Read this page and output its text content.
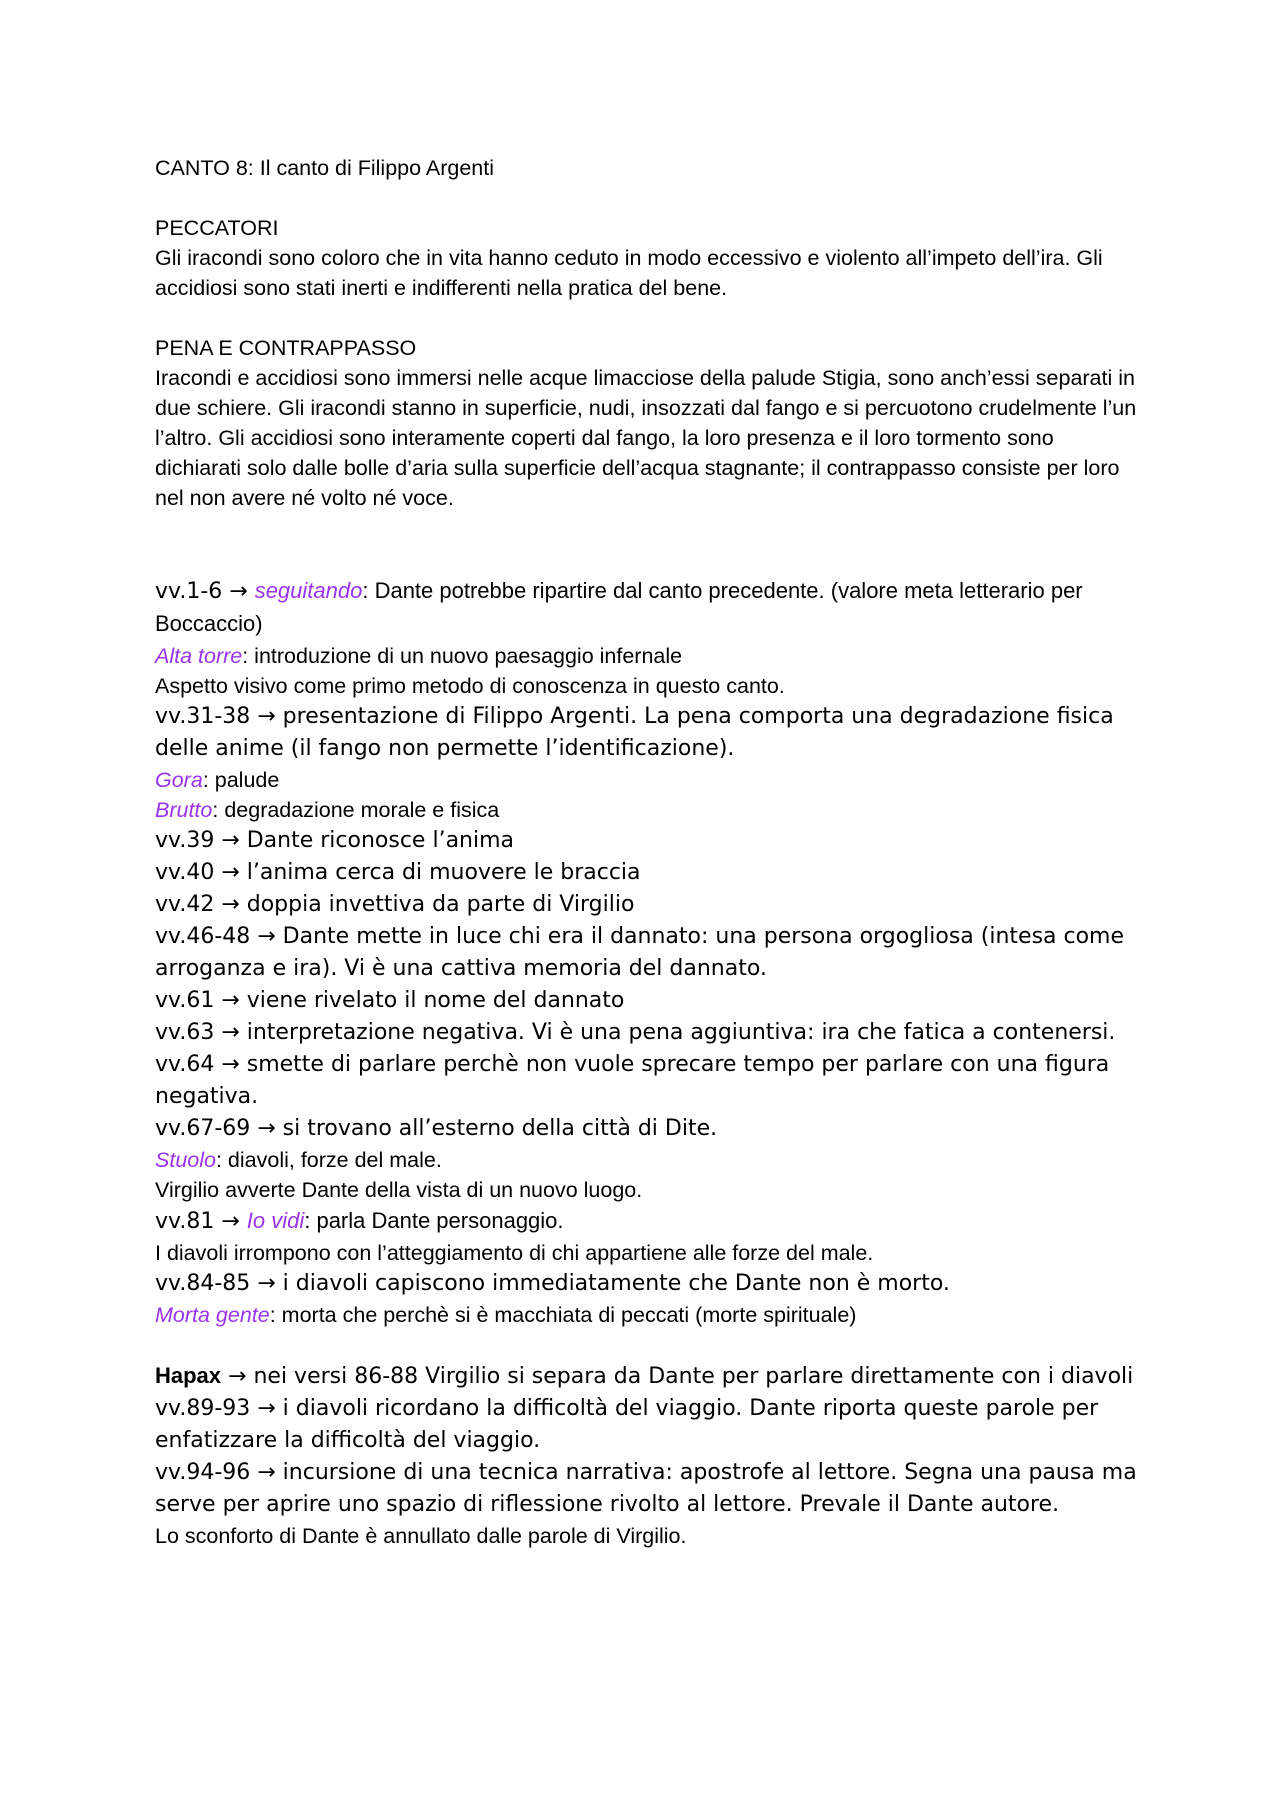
CANTO 8: Il canto di Filippo Argenti

PECCATORI

Gli iracondi sono coloro che in vita hanno ceduto in modo eccessivo e violento all’impeto dell’ira. Gli accidiosi sono stati inerti e indifferenti nella pratica del bene.

PENA E CONTRAPPASSO

Iracondi e accidiosi sono immersi nelle acque limacciose della palude Stigia, sono anch’essi separati in due schiere. Gli iracondi stanno in superficie, nudi, insozzati dal fango e si percuotono crudelmente l’un l’altro. Gli accidiosi sono interamente coperti dal fango, la loro presenza e il loro tormento sono dichiarati solo dalle bolle d’aria sulla superficie dell’acqua stagnante; il contrappasso consiste per loro nel non avere né volto né voce.

vv.1-6 → seguitando: Dante potrebbe ripartire dal canto precedente. (valore meta letterario per Boccaccio)

Alta torre: introduzione di un nuovo paesaggio infernale

Aspetto visivo come primo metodo di conoscenza in questo canto.

vv.31-38 → presentazione di Filippo Argenti. La pena comporta una degradazione fisica delle anime (il fango non permette l’identificazione).

Gora: palude

Brutto: degradazione morale e fisica

vv.39 → Dante riconosce l’anima

vv.40 → l’anima cerca di muovere le braccia

vv.42 → doppia invettiva da parte di Virgilio

vv.46-48 → Dante mette in luce chi era il dannato: una persona orgogliosa (intesa come arroganza e ira). Vi è una cattiva memoria del dannato.

vv.61 → viene rivelato il nome del dannato

vv.63 → interpretazione negativa. Vi è una pena aggiuntiva: ira che fatica a contenersi.

vv.64 → smette di parlare perchè non vuole sprecare tempo per parlare con una figura negativa.

vv.67-69 → si trovano all’esterno della città di Dite.

Stuolo: diavoli, forze del male.

Virgilio avverte Dante della vista di un nuovo luogo.

vv.81 → Io vidi: parla Dante personaggio.

I diavoli irrompono con l’atteggiamento di chi appartiene alle forze del male.

vv.84-85 → i diavoli capiscono immediatamente che Dante non è morto.

Morta gente: morta che perchè si è macchiata di peccati (morte spirituale)

Hapax → nei versi 86-88 Virgilio si separa da Dante per parlare direttamente con i diavoli

vv.89-93 → i diavoli ricordano la difficoltà del viaggio. Dante riporta queste parole per enfatizzare la difficoltà del viaggio.

vv.94-96 → incursione di una tecnica narrativa: apostrofe al lettore. Segna una pausa ma serve per aprire uno spazio di riflessione rivolto al lettore. Prevale il Dante autore.

Lo sconforto di Dante è annullato dalle parole di Virgilio.
